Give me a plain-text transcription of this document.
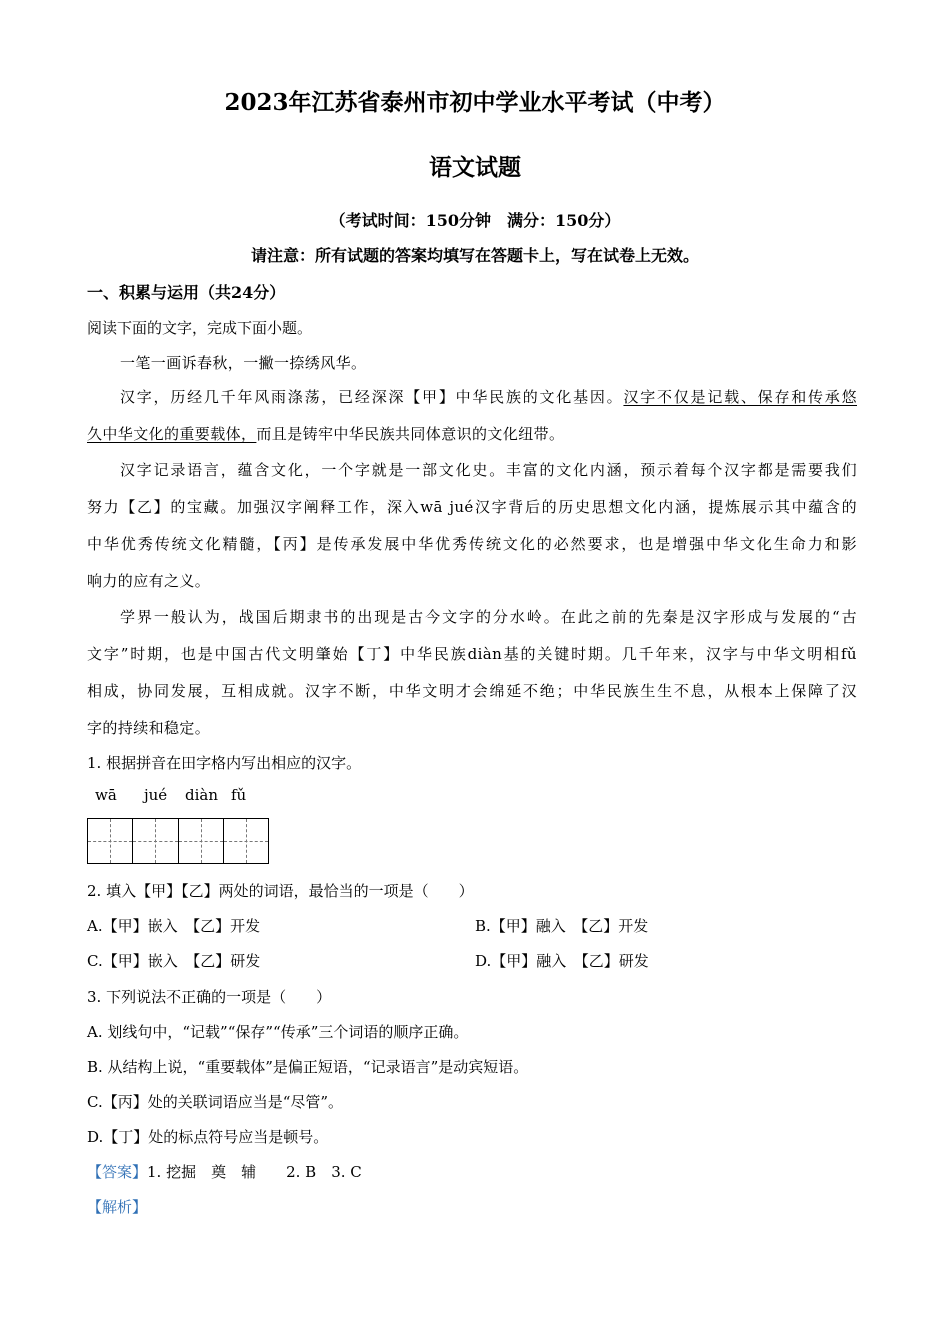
2023年江苏省泰州市初中学业水平考试（中考）
语文试题
（考试时间：150分钟　满分：150分）
请注意：所有试题的答案均填写在答题卡上，写在试卷上无效。
一、积累与运用（共24分）
阅读下面的文字，完成下面小题。
一笔一画诉春秋，一撇一捺绣风华。
汉字，历经几千年风雨涤荡，已经深深【甲】中华民族的文化基因。汉字不仅是记载、保存和传承悠
久中华文化的重要载体，而且是铸牢中华民族共同体意识的文化纽带。
汉字记录语言，蕴含文化，一个字就是一部文化史。丰富的文化内涵，预示着每个汉字都是需要我们
努力【乙】的宝藏。加强汉字阐释工作，深入wā jué汉字背后的历史思想文化内涵，提炼展示其中蕴含的
中华优秀传统文化精髓，【丙】是传承发展中华优秀传统文化的必然要求，也是增强中华文化生命力和影
响力的应有之义。
学界一般认为，战国后期隶书的出现是古今文字的分水岭。在此之前的先秦是汉字形成与发展的“古
文字”时期，也是中国古代文明肇始【丁】中华民族diàn基的关键时期。几千年来，汉字与中华文明相fǔ
相成，协同发展，互相成就。汉字不断，中华文明才会绵延不绝；中华民族生生不息，从根本上保障了汉
字的持续和稳定。
1. 根据拼音在田字格内写出相应的汉字。
wā jué diàn fǔ
2. 填入【甲】【乙】两处的词语，最恰当的一项是（　　）
A.【甲】嵌入　【乙】开发	B.【甲】融入　【乙】开发
C.【甲】嵌入　【乙】研发	D.【甲】融入　【乙】研发
3. 下列说法不正确的一项是（　　）
A. 划线句中，“记载”“保存”“传承”三个词语的顺序正确。
B. 从结构上说，“重要载体”是偏正短语，“记录语言”是动宾短语。
C.【丙】处的关联词语应当是“尽管”。
D.【丁】处的标点符号应当是顿号。
【答案】1. 挖掘　奠　辅　　2. B　3. C
【解析】
